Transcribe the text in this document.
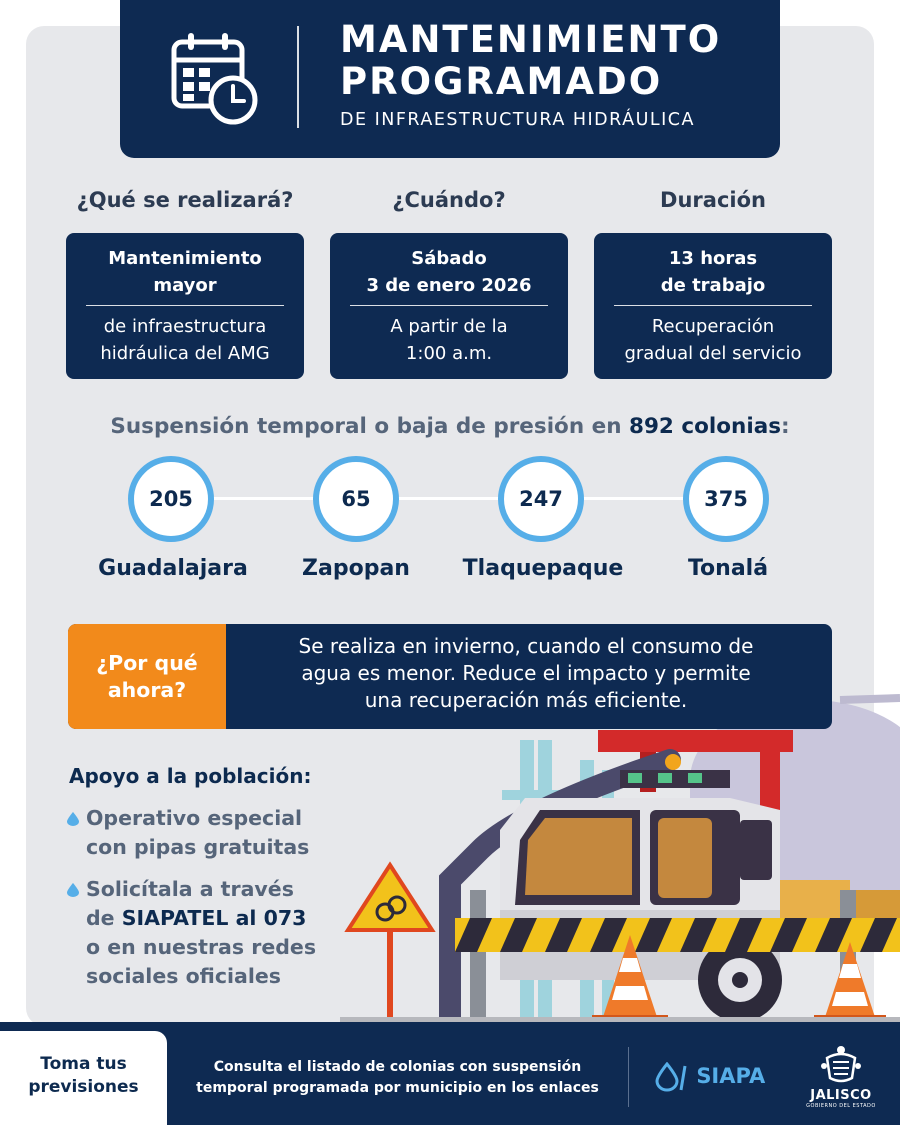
MANTENIMIENTO
PROGRAMADO
DE INFRAESTRUCTURA HIDRÁULICA
¿Qué se realizará?
Mantenimiento
mayor
de infraestructura
hidráulica del AMG
¿Cuándo?
Sábado
3 de enero 2026
A partir de la
1:00 a.m.
Duración
13 horas
de trabajo
Recuperación
gradual del servicio
Suspensión temporal o baja de presión en 892 colonias:
205	65	247	375
Guadalajara	Zapopan	Tlaquepaque	Tonalá
¿Por qué
ahora?
Se realiza en invierno, cuando el consumo de
agua es menor. Reduce el impacto y permite
una recuperación más eficiente.
Apoyo a la población:
Operativo especial
con pipas gratuitas
Solicítala a través
de SIAPATEL al 073
o en nuestras redes
sociales oficiales
Toma tus
previsiones
Consulta el listado de colonias con suspensión
temporal programada por municipio en los enlaces	SIAPA
JALISCO
GOBIERNO DEL ESTADO
